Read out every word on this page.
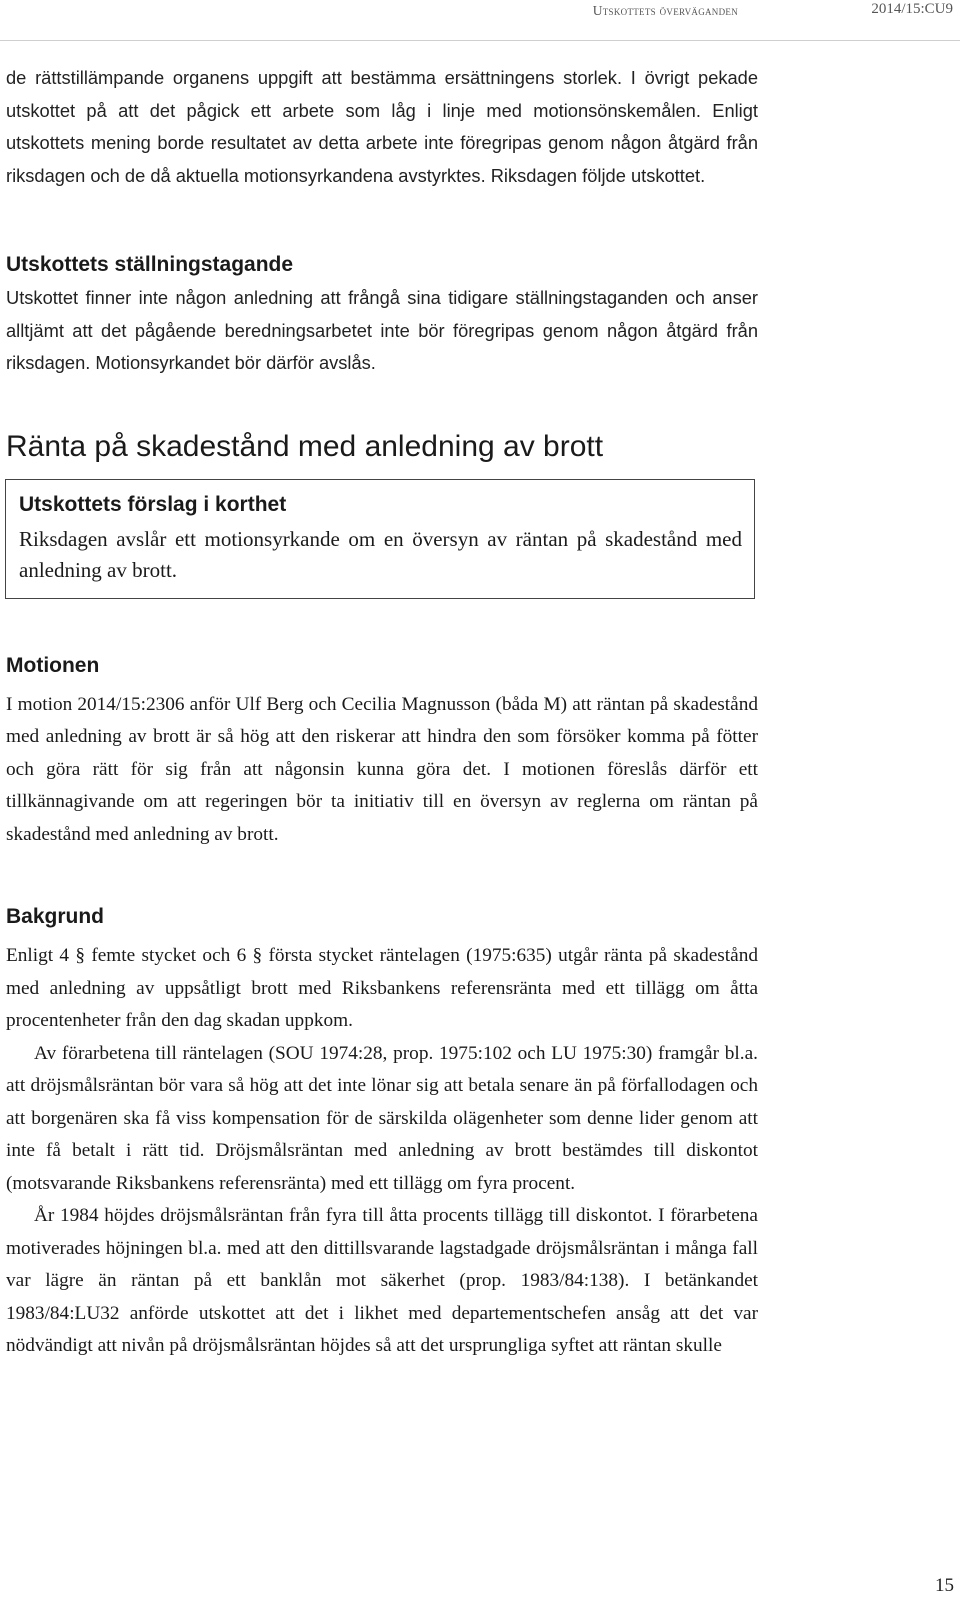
Utskottets överväganden	2014/15:CU9

de rättstillämpande organens uppgift att bestämma ersättningens storlek. I övrigt pekade utskottet på att det pågick ett arbete som låg i linje med motionsönskemålen. Enligt utskottets mening borde resultatet av detta arbete inte föregripas genom någon åtgärd från riksdagen och de då aktuella motionsyrkandena avstyrktes. Riksdagen följde utskottet.

Utskottets ställningstagande

Utskottet finner inte någon anledning att frångå sina tidigare ställningstaganden och anser alltjämt att det pågående beredningsarbetet inte bör föregripas genom någon åtgärd från riksdagen. Motionsyrkandet bör därför avslås.

Ränta på skadestånd med anledning av brott
Utskottets förslag i korthet

Riksdagen avslår ett motionsyrkande om en översyn av räntan på skadestånd med anledning av brott.

Motionen

I motion 2014/15:2306 anför Ulf Berg och Cecilia Magnusson (båda M) att räntan på skadestånd med anledning av brott är så hög att den riskerar att hindra den som försöker komma på fötter och göra rätt för sig från att någonsin kunna göra det. I motionen föreslås därför ett tillkännagivande om att regeringen bör ta initiativ till en översyn av reglerna om räntan på skadestånd med anledning av brott.

Bakgrund

Enligt 4 § femte stycket och 6 § första stycket räntelagen (1975:635) utgår ränta på skadestånd med anledning av uppsåtligt brott med Riksbankens referensränta med ett tillägg om åtta procentenheter från den dag skadan uppkom.

Av förarbetena till räntelagen (SOU 1974:28, prop. 1975:102 och LU 1975:30) framgår bl.a. att dröjsmålsräntan bör vara så hög att det inte lönar sig att betala senare än på förfallodagen och att borgenären ska få viss kompensation för de särskilda olägenheter som denne lider genom att inte få betalt i rätt tid. Dröjsmålsräntan med anledning av brott bestämdes till diskontot (motsvarande Riksbankens referensränta) med ett tillägg om fyra procent.

År 1984 höjdes dröjsmålsräntan från fyra till åtta procents tillägg till diskontot. I förarbetena motiverades höjningen bl.a. med att den dittillsvarande lagstadgade dröjsmålsräntan i många fall var lägre än räntan på ett banklån mot säkerhet (prop. 1983/84:138). I betänkandet 1983/84:LU32 anförde utskottet att det i likhet med departementschefen ansåg att det var nödvändigt att nivån på dröjsmålsräntan höjdes så att det ursprungliga syftet att räntan skulle

15
